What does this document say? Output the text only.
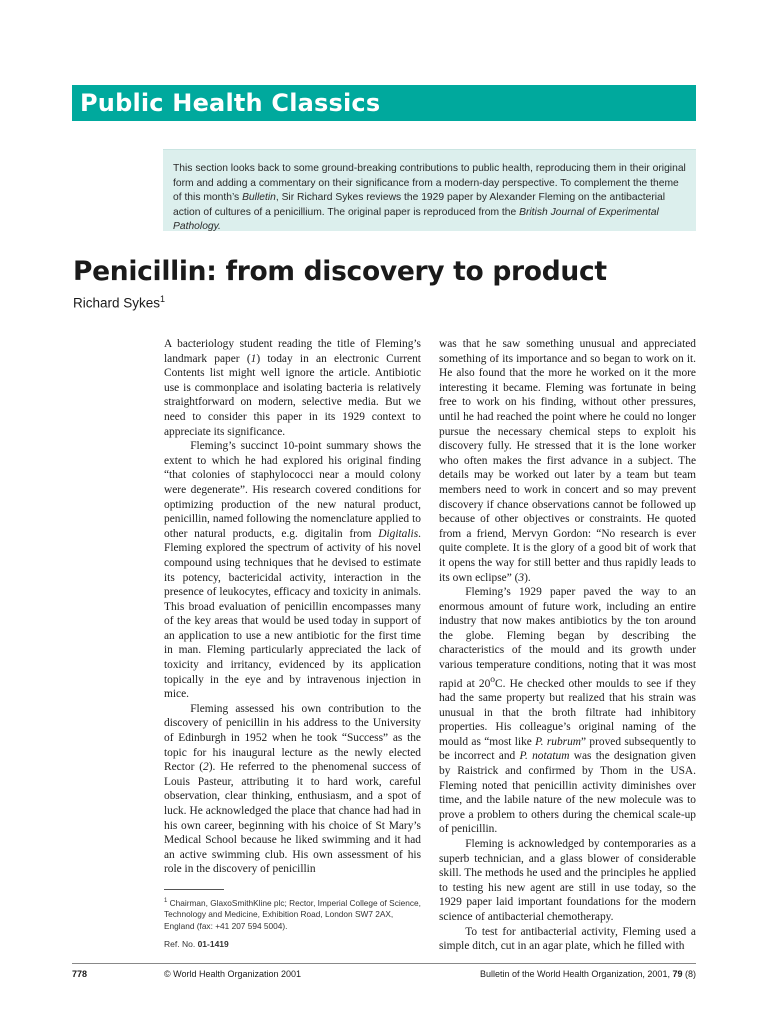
Public Health Classics

This section looks back to some ground-breaking contributions to public health, reproducing them in their original form and adding a commentary on their significance from a modern-day perspective. To complement the theme of this month’s Bulletin, Sir Richard Sykes reviews the 1929 paper by Alexander Fleming on the antibacterial action of cultures of a penicillium. The original paper is reproduced from the British Journal of Experimental Pathology.

Penicillin: from discovery to product

Richard Sykes$^1$

A bacteriology student reading the title of Fleming’s landmark paper (1) today in an electronic Current Contents list might well ignore the article. Antibiotic use is commonplace and isolating bacteria is relatively straightforward on modern, selective media. But we need to consider this paper in its 1929 context to appreciate its significance.

Fleming’s succinct 10-point summary shows the extent to which he had explored his original finding “that colonies of staphylococci near a mould colony were degenerate”. His research covered conditions for optimizing production of the new natural product, penicillin, named following the nomenclature applied to other natural products, e.g. digitalin from Digitalis. Fleming explored the spectrum of activity of his novel compound using techniques that he devised to estimate its potency, bactericidal activity, interaction in the presence of leukocytes, efficacy and toxicity in animals. This broad evaluation of penicillin encompasses many of the key areas that would be used today in support of an application to use a new antibiotic for the first time in man. Fleming particularly appreciated the lack of toxicity and irritancy, evidenced by its application topically in the eye and by intravenous injection in mice.

Fleming assessed his own contribution to the discovery of penicillin in his address to the University of Edinburgh in 1952 when he took “Success” as the topic for his inaugural lecture as the newly elected Rector (2). He referred to the phenomenal success of Louis Pasteur, attributing it to hard work, careful observation, clear thinking, enthusiasm, and a spot of luck. He acknowledged the place that chance had had in his own career, beginning with his choice of St Mary’s Medical School because he liked swimming and it had an active swimming club. His own assessment of his role in the discovery of penicillin

was that he saw something unusual and appreciated something of its importance and so began to work on it. He also found that the more he worked on it the more interesting it became. Fleming was fortunate in being free to work on his finding, without other pressures, until he had reached the point where he could no longer pursue the necessary chemical steps to exploit his discovery fully. He stressed that it is the lone worker who often makes the first advance in a subject. The details may be worked out later by a team but team members need to work in concert and so may prevent discovery if chance observations cannot be followed up because of other objectives or constraints. He quoted from a friend, Mervyn Gordon: “No research is ever quite complete. It is the glory of a good bit of work that it opens the way for still better and thus rapidly leads to its own eclipse” (3).

Fleming’s 1929 paper paved the way to an enormous amount of future work, including an entire industry that now makes antibiotics by the ton around the globe. Fleming began by describing the characteristics of the mould and its growth under various temperature conditions, noting that it was most rapid at 20$^o$C. He checked other moulds to see if they had the same property but realized that his strain was unusual in that the broth filtrate had inhibitory properties. His colleague’s original naming of the mould as “most like P. rubrum” proved subsequently to be incorrect and P. notatum was the designation given by Raistrick and confirmed by Thom in the USA. Fleming noted that penicillin activity diminishes over time, and the labile nature of the new molecule was to prove a problem to others during the chemical scale-up of penicillin.

Fleming is acknowledged by contemporaries as a superb technician, and a glass blower of considerable skill. The methods he used and the principles he applied to testing his new agent are still in use today, so the 1929 paper laid important foundations for the modern science of antibacterial chemotherapy.

To test for antibacterial activity, Fleming used a simple ditch, cut in an agar plate, which he filled with

$^1$ Chairman, GlaxoSmithKline plc; Rector, Imperial College of Science, Technology and Medicine, Exhibition Road, London SW7 2AX, England (fax: +41 207 594 5004).

Ref. No. 01-1419

778	© World Health Organization 2001	Bulletin of the World Health Organization, 2001, 79 (8)
